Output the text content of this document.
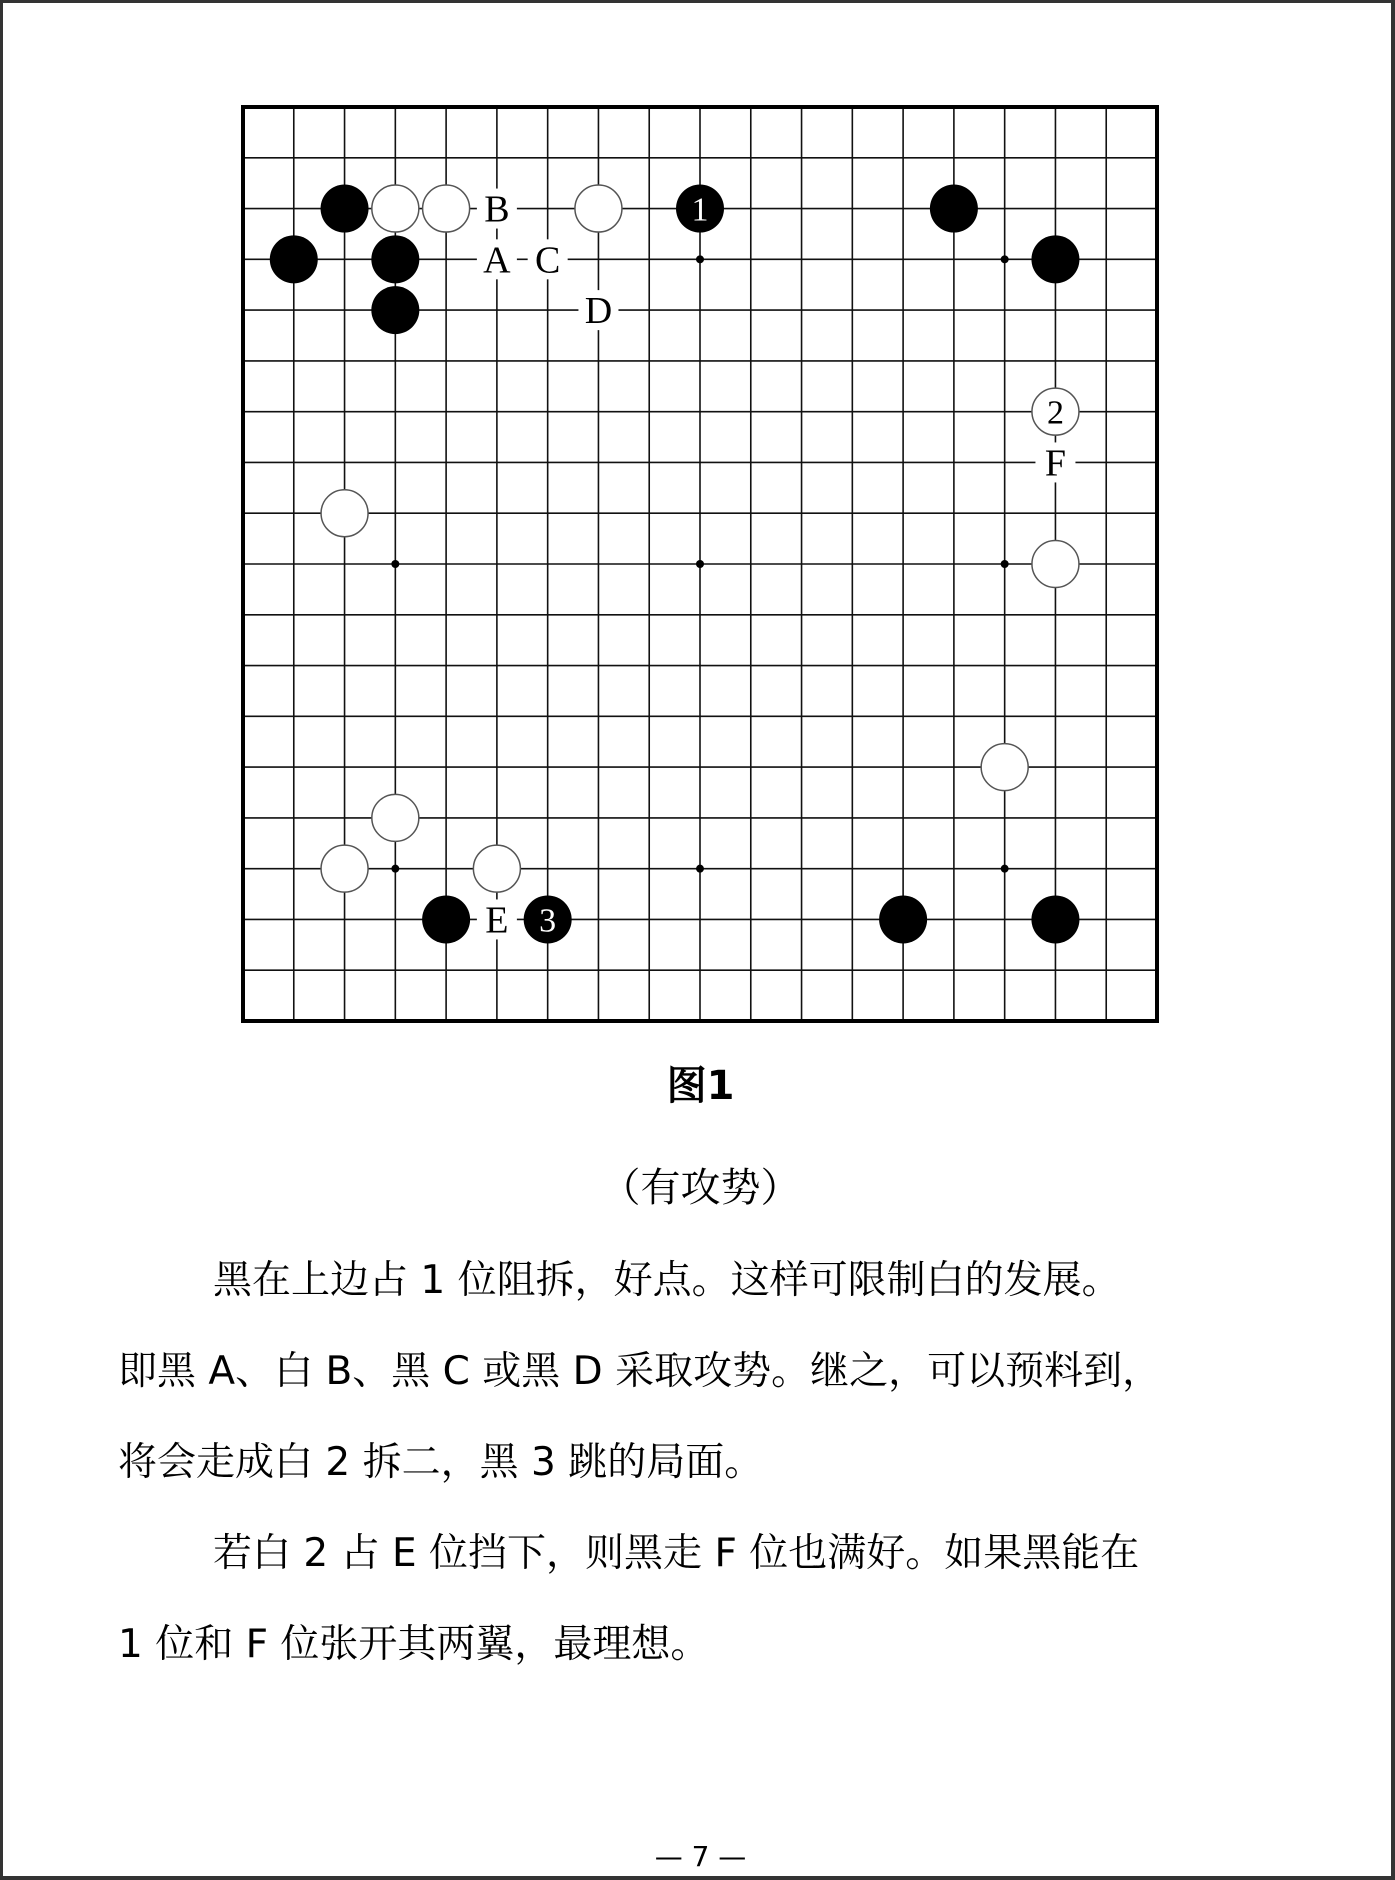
B
A C
D
F
E
1
2
3
图1
（有攻势）
黑在上边占 1 位阻拆，好点。这样可限制白的发展。
即黑 A、白 B、黑 C 或黑 D 采取攻势。继之，可以预料到，
将会走成白 2 拆二，黑 3 跳的局面。
若白 2 占 E 位挡下，则黑走 F 位也满好。如果黑能在
1 位和 F 位张开其两翼，最理想。
— 7 —
